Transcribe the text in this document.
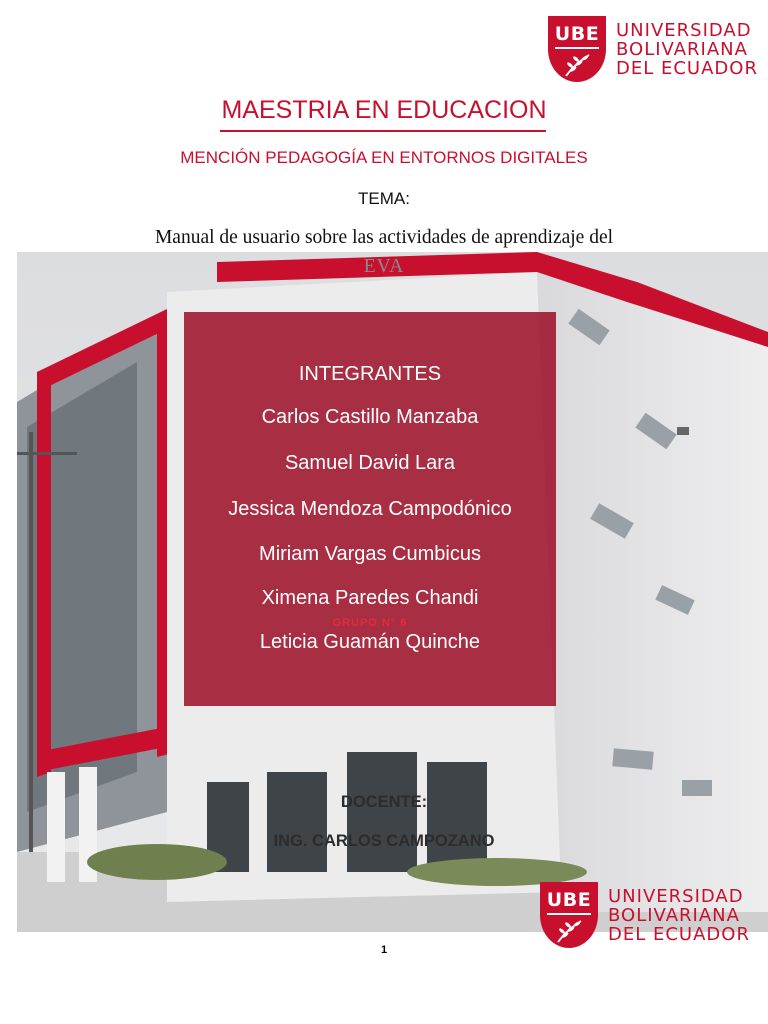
UBE UNIVERSIDAD
BOLIVARIANA
DEL ECUADOR
MAESTRIA EN EDUCACION
MENCIÓN PEDAGOGÍA EN ENTORNOS DIGITALES
TEMA:
Manual de usuario sobre las actividades de aprendizaje del
EVA
INTEGRANTES
Carlos Castillo Manzaba
Samuel David Lara
Jessica Mendoza Campodónico
Miriam Vargas Cumbicus
Ximena Paredes Chandi
GRUPO N° 6
Leticia Guamán Quinche
DOCENTE:
ING. CARLOS CAMPOZANO
UBE UNIVERSIDAD
BOLIVARIANA
DEL ECUADOR
1
